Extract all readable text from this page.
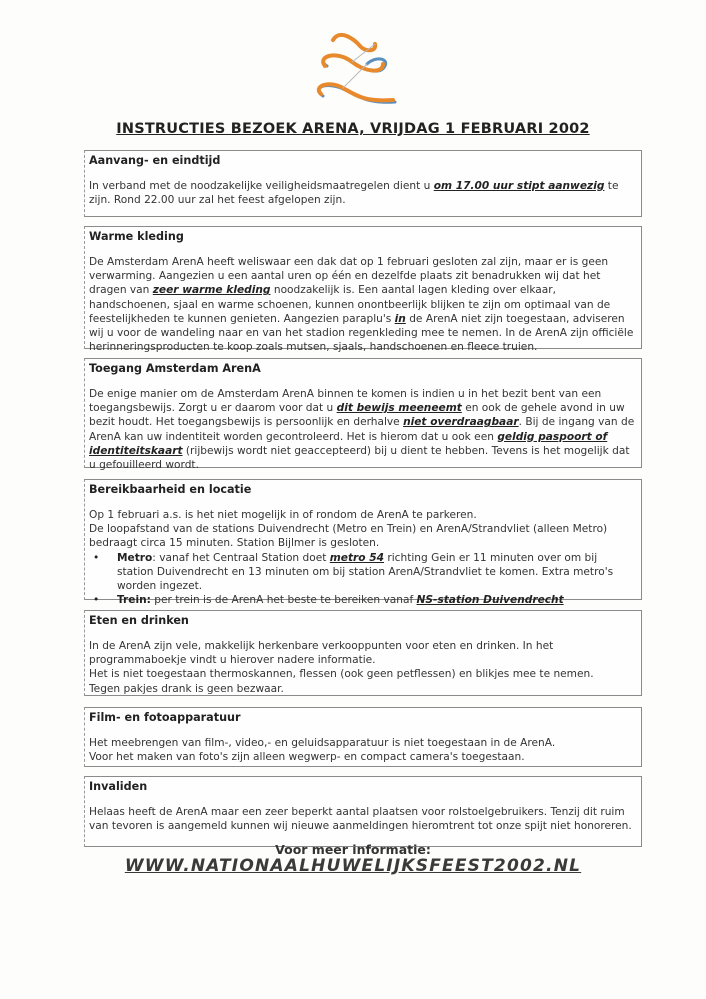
INSTRUCTIES BEZOEK ARENA, VRIJDAG 1 FEBRUARI 2002
Aanvang- en eindtijd

In verband met de noodzakelijke veiligheidsmaatregelen dient u om 17.00 uur stipt aanwezig te zijn. Rond 22.00 uur zal het feest afgelopen zijn.

Warme kleding

De Amsterdam ArenA heeft weliswaar een dak dat op 1 februari gesloten zal zijn, maar er is geen verwarming. Aangezien u een aantal uren op één en dezelfde plaats zit benadrukken wij dat het dragen van zeer warme kleding noodzakelijk is. Een aantal lagen kleding over elkaar, handschoenen, sjaal en warme schoenen, kunnen onontbeerlijk blijken te zijn om optimaal van de feestelijkheden te kunnen genieten. Aangezien paraplu's in de ArenA niet zijn toegestaan, adviseren wij u voor de wandeling naar en van het stadion regenkleding mee te nemen. In de ArenA zijn officiële herinneringsproducten te koop zoals mutsen, sjaals, handschoenen en fleece truien.

Toegang Amsterdam ArenA

De enige manier om de Amsterdam ArenA binnen te komen is indien u in het bezit bent van een toegangsbewijs. Zorgt u er daarom voor dat u dit bewijs meeneemt en ook de gehele avond in uw bezit houdt. Het toegangsbewijs is persoonlijk en derhalve niet overdraagbaar. Bij de ingang van de ArenA kan uw indentiteit worden gecontroleerd. Het is hierom dat u ook een geldig paspoort of identiteitskaart (rijbewijs wordt niet geaccepteerd) bij u dient te hebben. Tevens is het mogelijk dat u gefouilleerd wordt.

Bereikbaarheid en locatie

Op 1 februari a.s. is het niet mogelijk in of rondom de ArenA te parkeren.

De loopafstand van de stations Duivendrecht (Metro en Trein) en ArenA/Strandvliet (alleen Metro) bedraagt circa 15 minuten. Station Bijlmer is gesloten.

• Metro: vanaf het Centraal Station doet metro 54 richting Gein er 11 minuten over om bij station Duivendrecht en 13 minuten om bij station ArenA/Strandvliet te komen. Extra metro's worden ingezet.
• Trein: per trein is de ArenA het beste te bereiken vanaf NS-station Duivendrecht
Eten en drinken

In de ArenA zijn vele, makkelijk herkenbare verkooppunten voor eten en drinken. In het programmaboekje vindt u hierover nadere informatie.

Het is niet toegestaan thermoskannen, flessen (ook geen petflessen) en blikjes mee te nemen.

Tegen pakjes drank is geen bezwaar.

Film- en fotoapparatuur

Het meebrengen van film-, video,- en geluidsapparatuur is niet toegestaan in de ArenA.

Voor het maken van foto's zijn alleen wegwerp- en compact camera's toegestaan.

Invaliden

Helaas heeft de ArenA maar een zeer beperkt aantal plaatsen voor rolstoelgebruikers. Tenzij dit ruim van tevoren is aangemeld kunnen wij nieuwe aanmeldingen hieromtrent tot onze spijt niet honoreren.

Voor meer informatie:
WWW.NATIONAALHUWELIJKSFEEST2002.NL
